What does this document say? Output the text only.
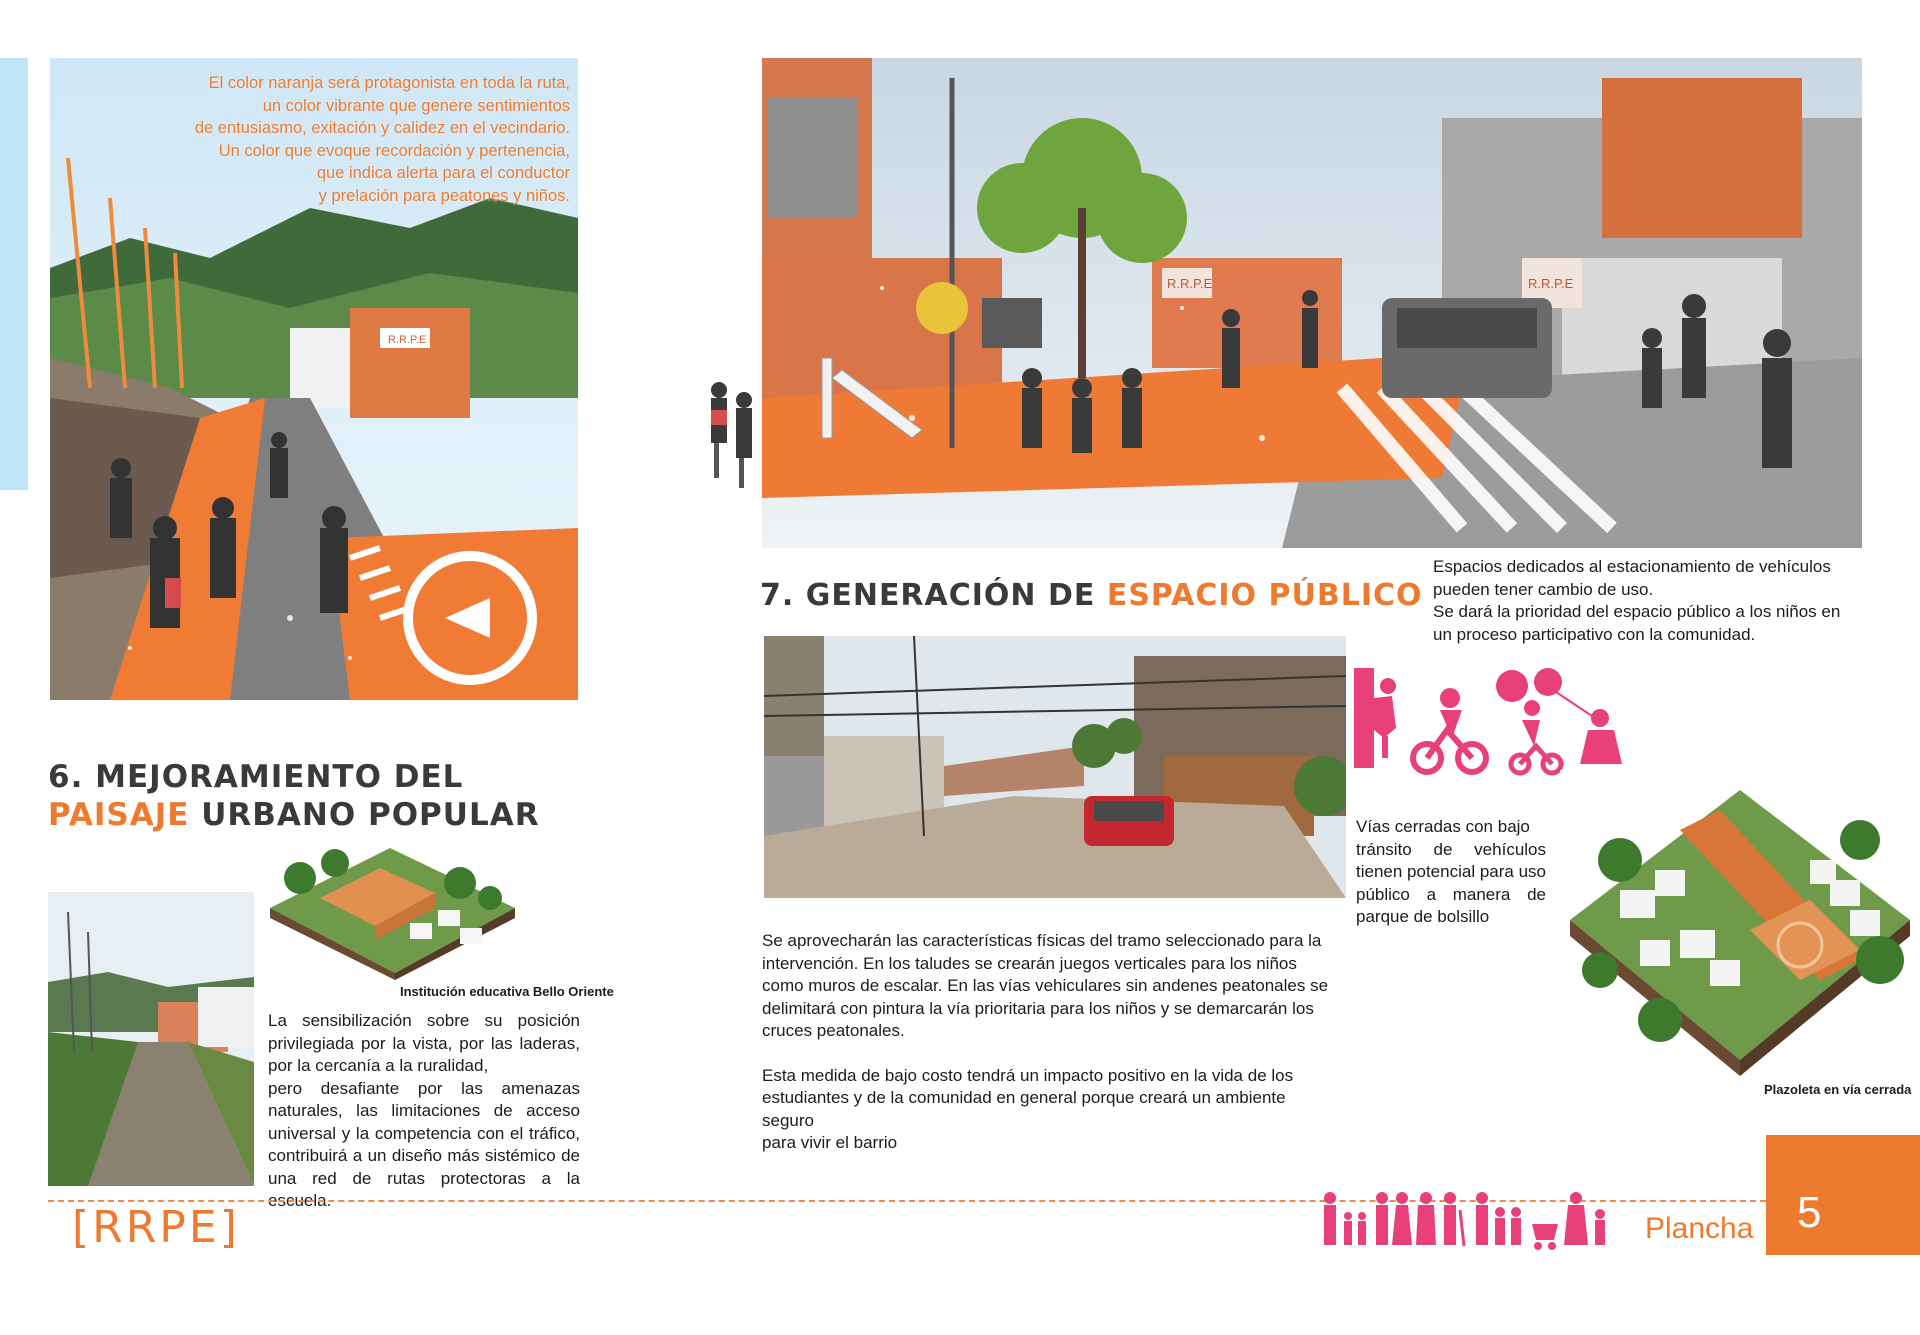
R.R.P.E
El color naranja será protagonista en toda la ruta,
un color vibrante que genere sentimientos
de entusiasmo, exitación y calidez en el vecindario.
Un color que evoque recordación y pertenencia,
que indica alerta para el conductor
y prelación para peatones y niños.
6. MEJORAMIENTO DEL
PAISAJE URBANO POPULAR
Institución educativa Bello Oriente
La sensibilización sobre su posición
privilegiada por la vista, por las laderas,
por la cercanía a la ruralidad,
pero desafiante por las amenazas
naturales, las limitaciones de acceso
universal y la competencia con el tráfico,
contribuirá a un diseño más sistémico de
una red de rutas protectoras a la escuela.
R.R.P.E	R.R.P.E
7. GENERACIÓN DE ESPACIO PÚBLICO
Espacios dedicados al estacionamiento de vehículos
pueden tener cambio de uso.
Se dará la prioridad del espacio público a los niños en
un proceso participativo con la comunidad.
Vías cerradas con bajo
tránsito de vehículos
tienen potencial para uso
público a manera de
parque de bolsillo
Plazoleta en vía cerrada
Se aprovecharán las características físicas del tramo seleccionado para la
intervención. En los taludes se crearán juegos verticales para los niños
como muros de escalar. En las vías vehiculares sin andenes peatonales se
delimitará con pintura la vía prioritaria para los niños y se demarcarán los
cruces peatonales.
Esta medida de bajo costo tendrá un impacto positivo en la vida de los
estudiantes y de la comunidad en general porque creará un ambiente seguro
para vivir el barrio
[RRPE]	Plancha 5
